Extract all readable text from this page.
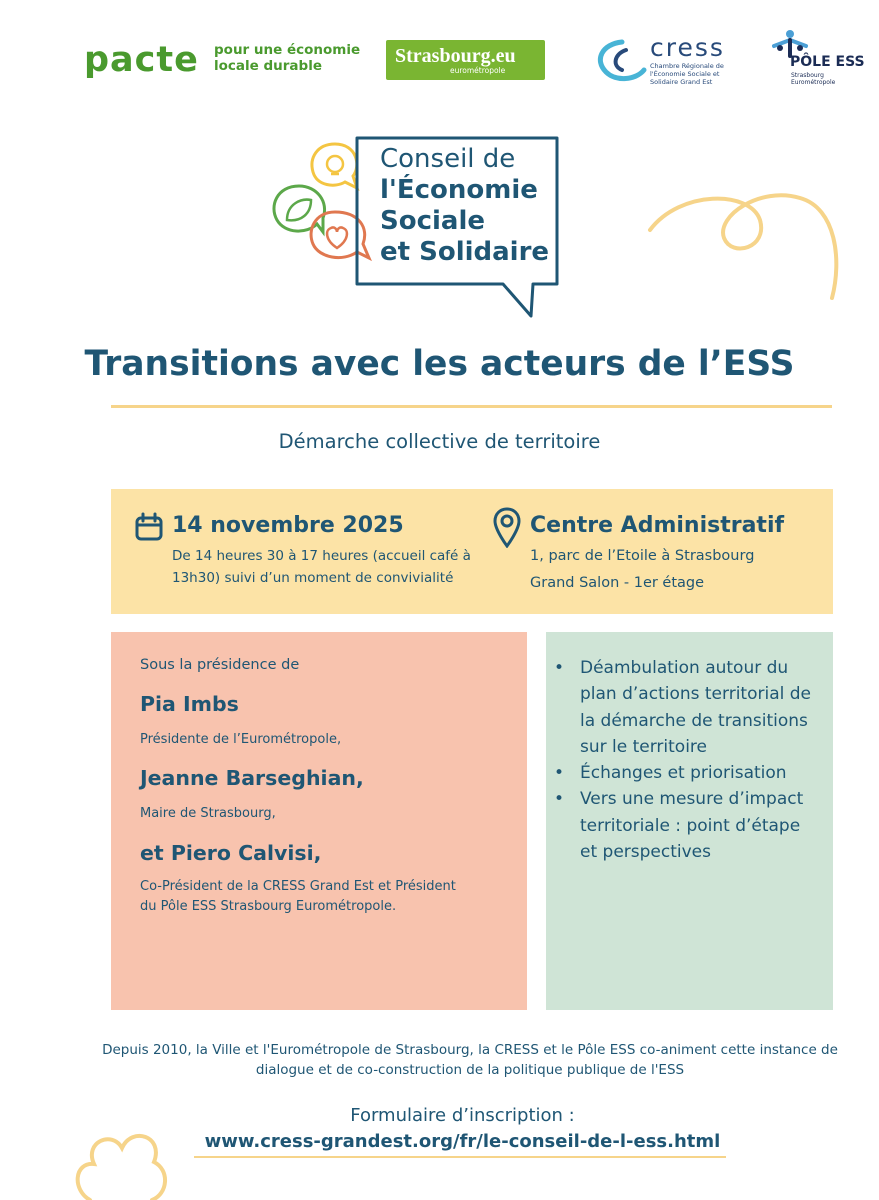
pacte pour une économie locale durable	Strasbourg.eu
eurométropole
cress
Chambre Régionale de l'Économie Sociale et Solidaire Grand Est
PÔLE ESS
Strasbourg Eurométropole
Conseil de
l'Économie
Sociale
et Solidaire
Transitions avec les acteurs de l’ESS
Démarche collective de territoire
14 novembre 2025
De 14 heures 30 à 17 heures (accueil café à 13h30) suivi d’un moment de convivialité
Centre Administratif
1, parc de l’Etoile à Strasbourg
Grand Salon - 1er étage
Sous la présidence de
Pia Imbs
Présidente de l’Eurométropole,
Jeanne Barseghian,
Maire de Strasbourg,
et Piero Calvisi,
Co-Président de la CRESS Grand Est et Président du Pôle ESS Strasbourg Eurométropole.
• Déambulation autour du plan d’actions territorial de la démarche de transitions sur le territoire
• Échanges et priorisation
• Vers une mesure d’impact territoriale : point d’étape et perspectives
Depuis 2010, la Ville et l'Eurométropole de Strasbourg, la CRESS et le Pôle ESS co-animent cette instance de dialogue et de co-construction de la politique publique de l'ESS
Formulaire d’inscription :
www.cress-grandest.org/fr/le-conseil-de-l-ess.html
